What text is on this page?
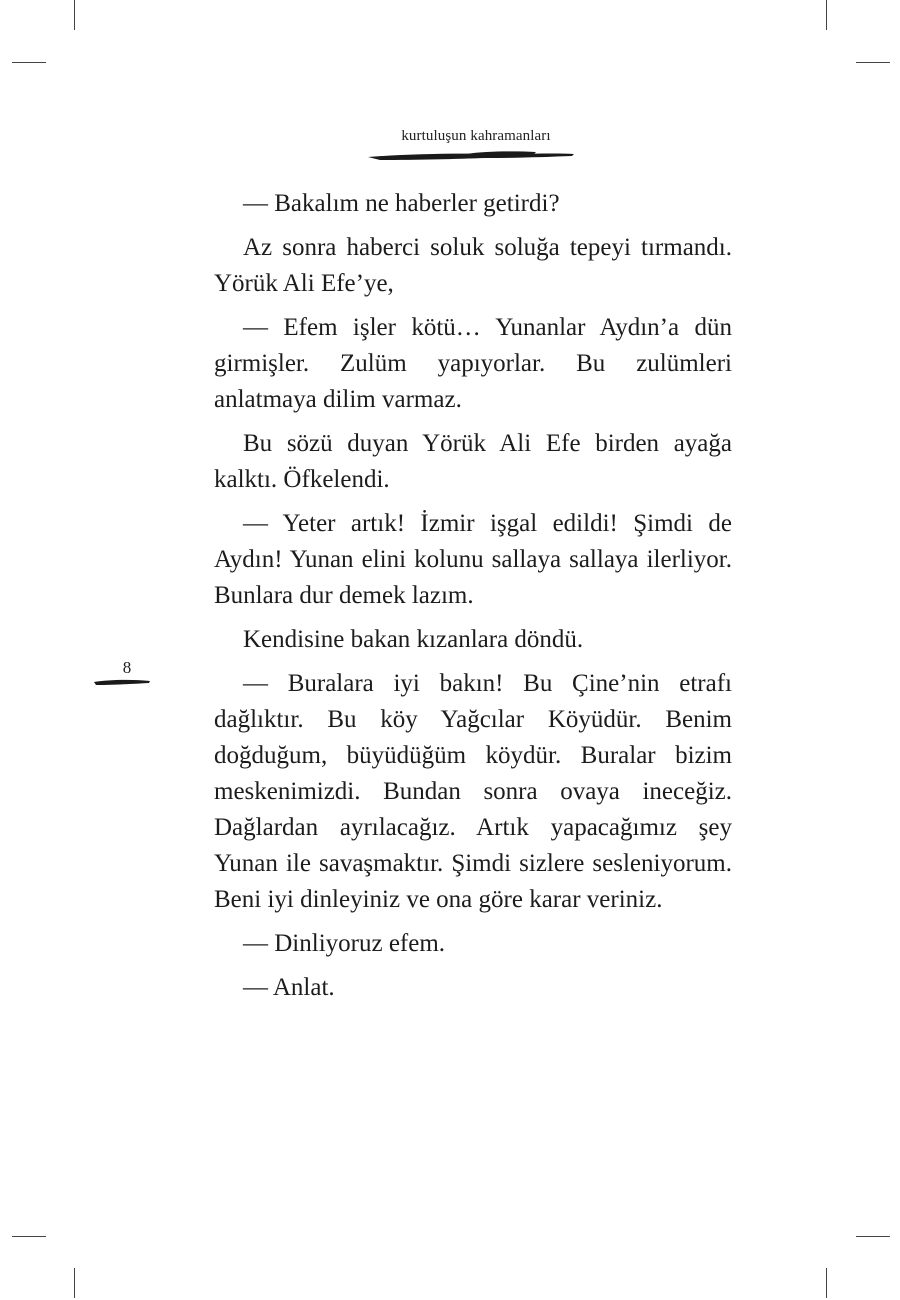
kurtuluşun kahramanları
8

— Bakalım ne haberler getirdi?

Az sonra haberci soluk soluğa tepeyi tırmandı. Yörük Ali Efe’ye,

— Efem işler kötü… Yunanlar Aydın’a dün girmişler. Zulüm yapıyorlar. Bu zulümleri anlatmaya dilim varmaz.

Bu sözü duyan Yörük Ali Efe birden ayağa kalktı. Öfkelendi.

— Yeter artık! İzmir işgal edildi! Şimdi de Aydın! Yunan elini kolunu sallaya sallaya ilerliyor. Bunlara dur demek lazım.

Kendisine bakan kızanlara döndü.

— Buralara iyi bakın! Bu Çine’nin etrafı dağlıktır. Bu köy Yağcılar Köyüdür. Benim doğduğum, büyüdüğüm köydür. Buralar bizim meskenimizdi. Bundan sonra ovaya ineceğiz. Dağlardan ayrılacağız. Artık yapacağımız şey Yunan ile savaşmaktır. Şimdi sizlere sesleniyorum. Beni iyi dinleyiniz ve ona göre karar veriniz.

— Dinliyoruz efem.

— Anlat.
